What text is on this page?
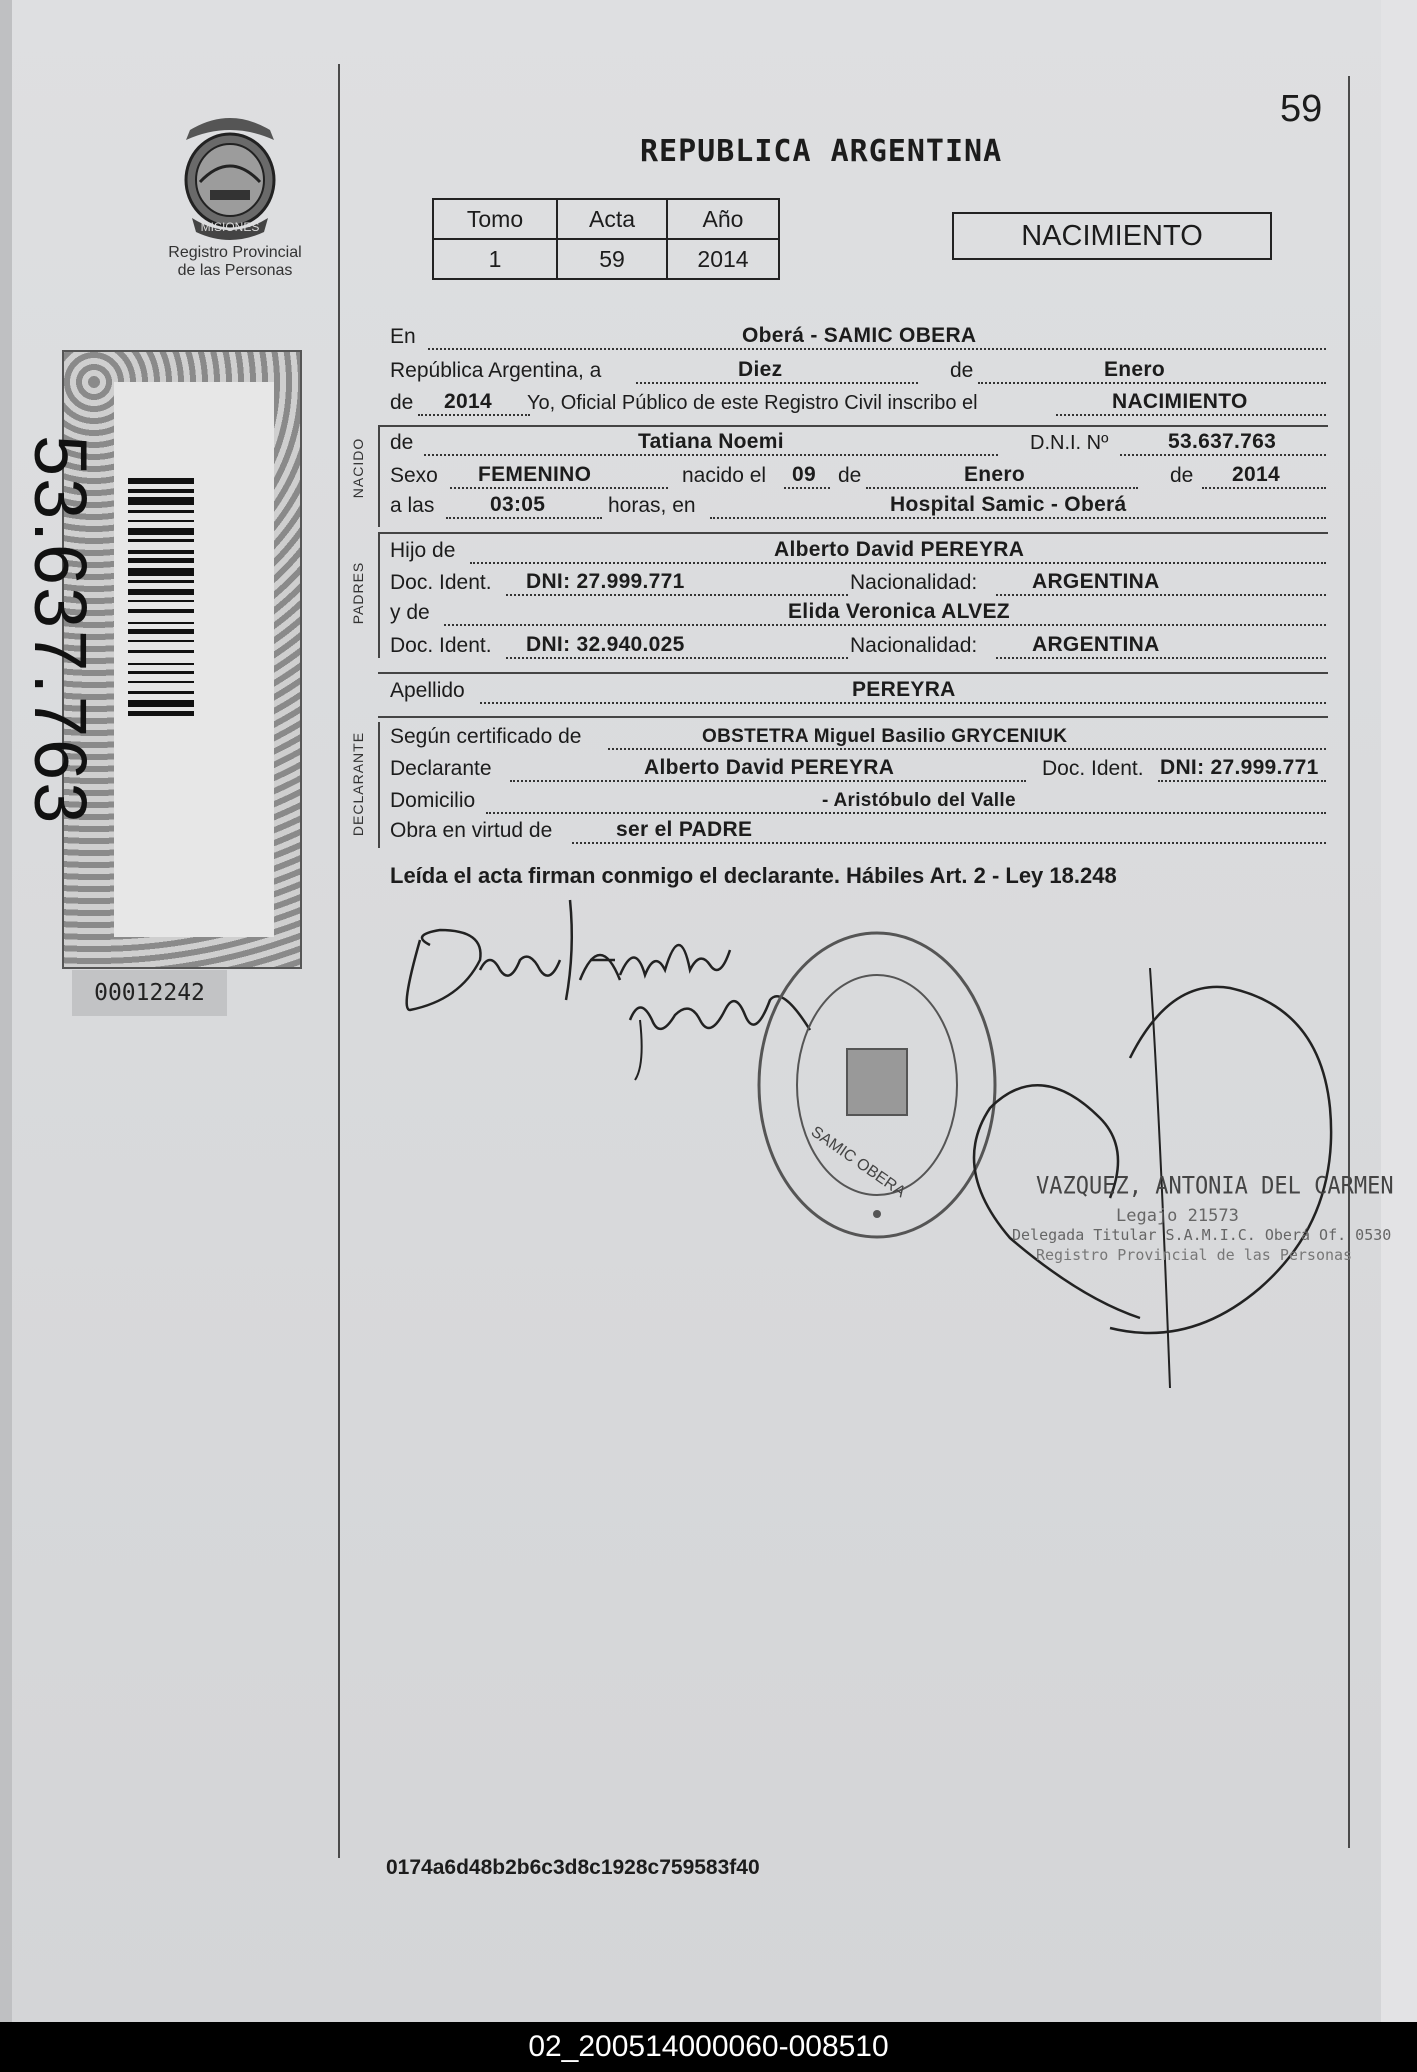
59
REPUBLICA ARGENTINA
MISIONES
Registro Provincial
de las Personas
Tomo	Acta	Año
1	59	2014
NACIMIENTO
53.637.763
00012242
En	Oberá - SAMIC OBERA
República Argentina, a	Diez	de	Enero
de 2014 Yo, Oficial Público de este Registro Civil inscribo el	NACIMIENTO
NACIDO de	Tatiana Noemi	D.N.I. Nº	53.637.763
Sexo FEMENINO	nacido el 09 de	Enero	de 2014
a las	03:05	horas, en	Hospital Samic - Oberá
PADRES
Hijo de	Alberto David PEREYRA
Doc. Ident. DNI: 27.999.771	Nacionalidad:	ARGENTINA
y de	Elida Veronica ALVEZ
Doc. Ident. DNI: 32.940.025	Nacionalidad:	ARGENTINA
Apellido	PEREYRA
DECLARANTE Según certificado de	OBSTETRA Miguel Basilio GRYCENIUK
Declarante	Alberto David PEREYRA	Doc. Ident. DNI: 27.999.771
Domicilio	- Aristóbulo del Valle
Obra en virtud de	ser el PADRE
Leída el acta firman conmigo el declarante. Hábiles Art. 2 - Ley 18.248
SAMIC OBERA	VAZQUEZ, ANTONIA DEL CARMEN
Legajo 21573
Delegada Titular S.A.M.I.C. Oberá Of. 0530
Registro Provincial de las Personas
0174a6d48b2b6c3d8c1928c759583f40
02_200514000060-008510
